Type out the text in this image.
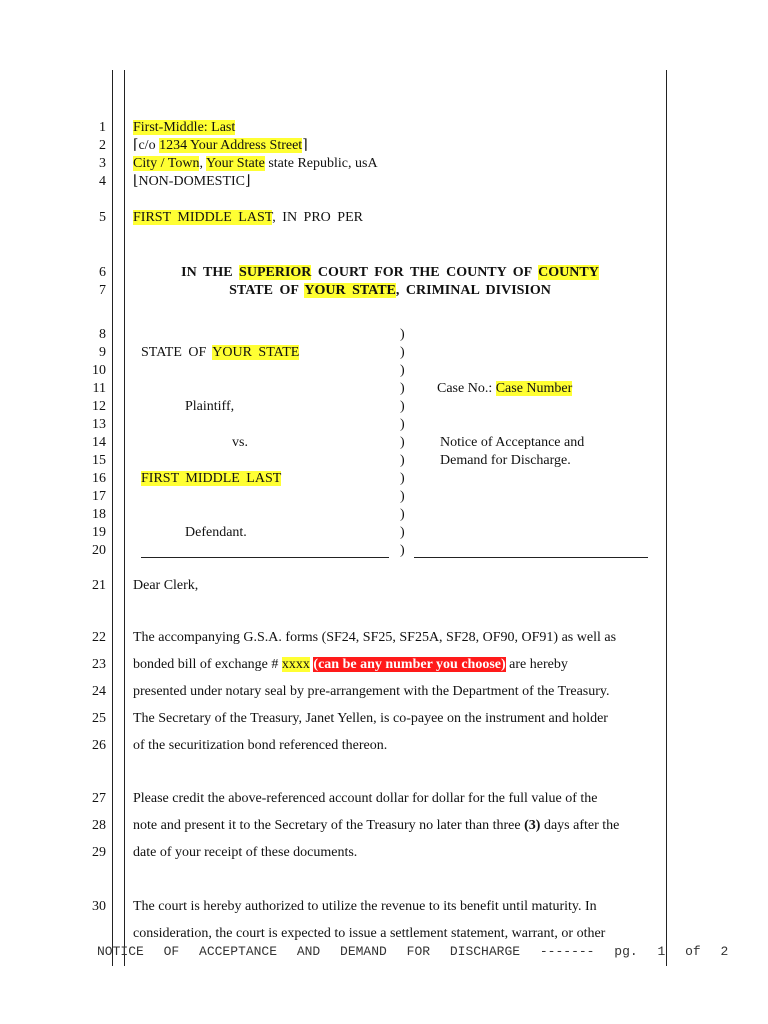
1
2
3
4
5
6
7
8
9
10
11
12
13
14
15
16
17
18
19
20
21
22
23
24
25
26
27
28
29
30
First-Middle: Last
⌈c/o 1234 Your Address Street⌉
City / Town, Your State state Republic, usA
⌊NON-DOMESTIC⌋
FIRST MIDDLE LAST, IN PRO PER
IN THE SUPERIOR COURT FOR THE COUNTY OF COUNTY
STATE OF YOUR STATE, CRIMINAL DIVISION
STATE OF YOUR STATE
Plaintiff,
vs.
FIRST MIDDLE LAST
Defendant.
)
)
)
)
)
)
)
)
)
)
)
)
)
Case No.: Case Number
Notice of Acceptance and
Demand for Discharge.
Dear Clerk,
The accompanying G.S.A. forms (SF24, SF25, SF25A, SF28, OF90, OF91) as well as
bonded bill of exchange # xxxx (can be any number you choose) are hereby
presented under notary seal by pre-arrangement with the Department of the Treasury.
The Secretary of the Treasury, Janet Yellen, is co-payee on the instrument and holder
of the securitization bond referenced thereon.
Please credit the above-referenced account dollar for dollar for the full value of the
note and present it to the Secretary of the Treasury no later than three (3) days after the
date of your receipt of these documents.
The court is hereby authorized to utilize the revenue to its benefit until maturity. In
consideration, the court is expected to issue a settlement statement, warrant, or other
NOTICE OF ACCEPTANCE AND DEMAND FOR DISCHARGE ------- pg. 1 of 2
